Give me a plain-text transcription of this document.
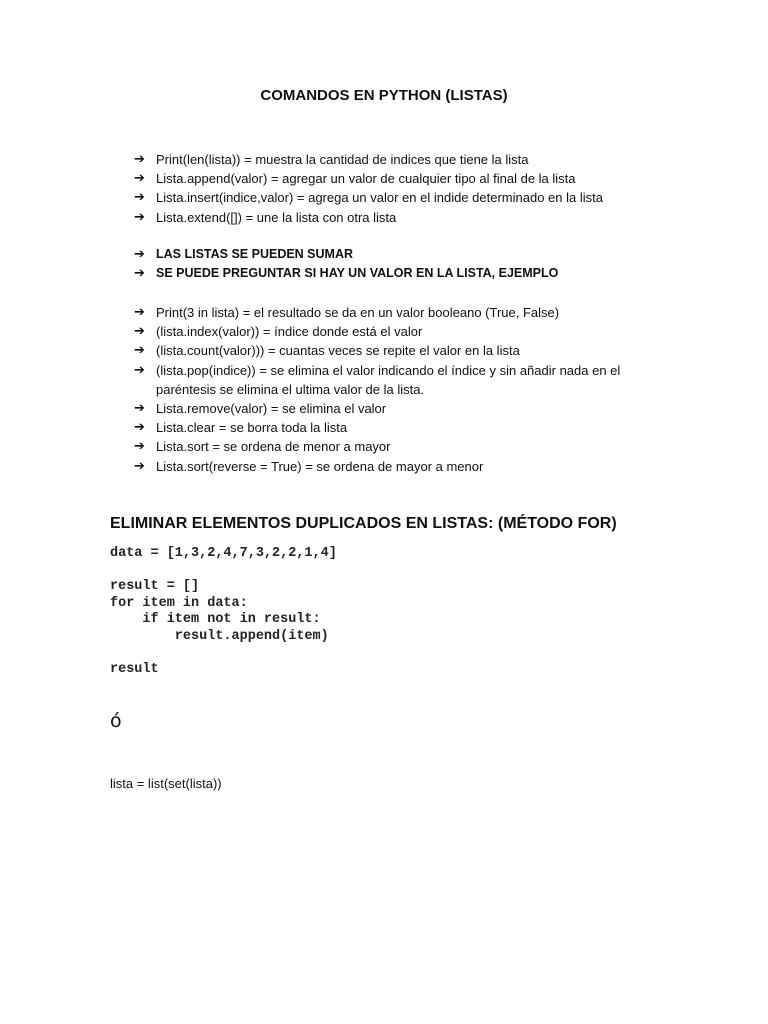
COMANDOS EN PYTHON (LISTAS)
➔ Print(len(lista)) = muestra la cantidad de indices que tiene la lista
➔ Lista.append(valor) = agregar un valor de cualquier tipo al final de la lista
➔ Lista.insert(indice,valor) = agrega un valor en el indide determinado en la lista
➔ Lista.extend([]) = une la lista con otra lista
➔ LAS LISTAS SE PUEDEN SUMAR
➔ SE PUEDE PREGUNTAR SI HAY UN VALOR EN LA LISTA, EJEMPLO
➔ Print(3 in lista) = el resultado se da en un valor booleano (True, False)
➔ (lista.index(valor)) = índice donde está el valor
➔ (lista.count(valor))) = cuantas veces se repite el valor en la lista
➔ (lista.pop(indice)) = se elimina el valor indicando el índice y sin añadir nada en el paréntesis se elimina el ultima valor de la lista.
➔ Lista.remove(valor) = se elimina el valor
➔ Lista.clear = se borra toda la lista
➔ Lista.sort = se ordena de menor a mayor
➔ Lista.sort(reverse = True) = se ordena de mayor a menor
ELIMINAR ELEMENTOS DUPLICADOS EN LISTAS: (MÉTODO FOR)
data = [1,3,2,4,7,3,2,2,1,4]

result = []
for item in data:
if item not in result:
result.append(item)

result
ó
lista = list(set(lista))
